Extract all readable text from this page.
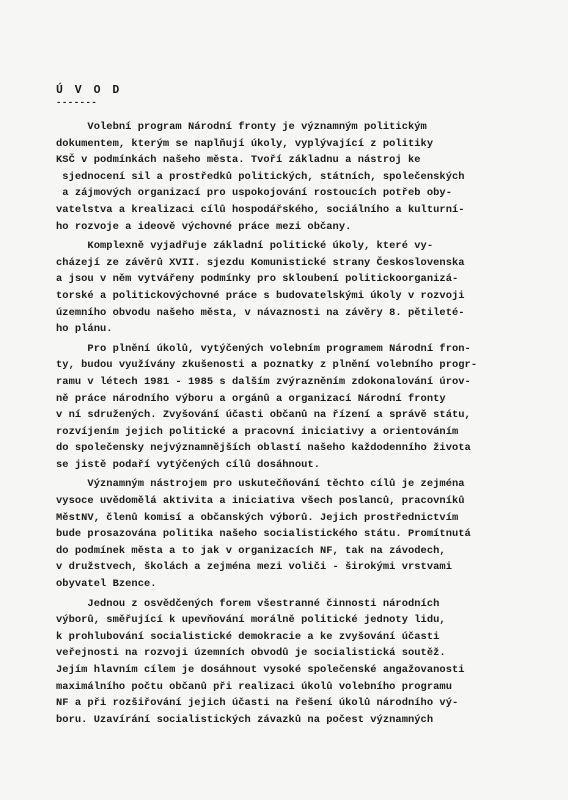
Ú V O D
-------
Volební program Národní fronty je významným politickým
dokumentem, kterým se naplňují úkoly, vyplývající z politiky
KSČ v podmínkách našeho města. Tvoří základnu a nástroj ke
sjednocení sil a prostředků politických, státních, společenských
a zájmových organizací pro uspokojování rostoucích potřeb oby-
vatelstva a krealizaci cílů hospodářského, sociálního a kulturní-
ho rozvoje a ideově výchovné práce mezi občany.
Komplexně vyjadřuje základní politické úkoly, které vy-
cházejí ze závěrů XVII. sjezdu Komunistické strany Československa
a jsou v něm vytvářeny podmínky pro skloubení politickoorganizá-
torské a politickovýchovné práce s budovatelskými úkoly v rozvoji
územního obvodu našeho města, v návaznosti na závěry 8. pětileté-
ho plánu.
Pro plnění úkolů, vytýčených volebním programem Národní fron-
ty, budou využívány zkušenosti a poznatky z plnění volebního progr-
ramu v létech 1981 - 1985 s dalším zvýrazněním zdokonalování úrov-
ně práce národního výboru a orgánů a organizací Národní fronty
v ní sdružených. Zvyšování účasti občanů na řízení a správě státu,
rozvíjením jejich politické a pracovní iniciativy a orientováním
do společensky nejvýznamnějších oblastí našeho každodenního života
se jistě podaří vytýčených cílů dosáhnout.
Významným nástrojem pro uskutečňování těchto cílů je zejména
vysoce uvědomělá aktivita a iniciativa všech poslanců, pracovníků
MěstNV, členů komisí a občanských výborů. Jejich prostřednictvím
bude prosazována politika našeho socialistického státu. Promítnutá
do podmínek města a to jak v organizacích NF, tak na závodech,
v družstvech, školách a zejména mezi voliči - širokými vrstvami
obyvatel Bzence.
Jednou z osvědčených forem všestranné činnosti národních
výborů, směřující k upevňování morálně politické jednoty lidu,
k prohlubování socialistické demokracie a ke zvyšování účasti
veřejnosti na rozvoji územních obvodů je socialistická soutěž.
Jejím hlavním cílem je dosáhnout vysoké společenské angažovanosti
maximálního počtu občanů při realizaci úkolů volebního programu
NF a při rozšiřování jejich účasti na řešení úkolů národního vý-
boru. Uzavírání socialistických závazků na počest významných
